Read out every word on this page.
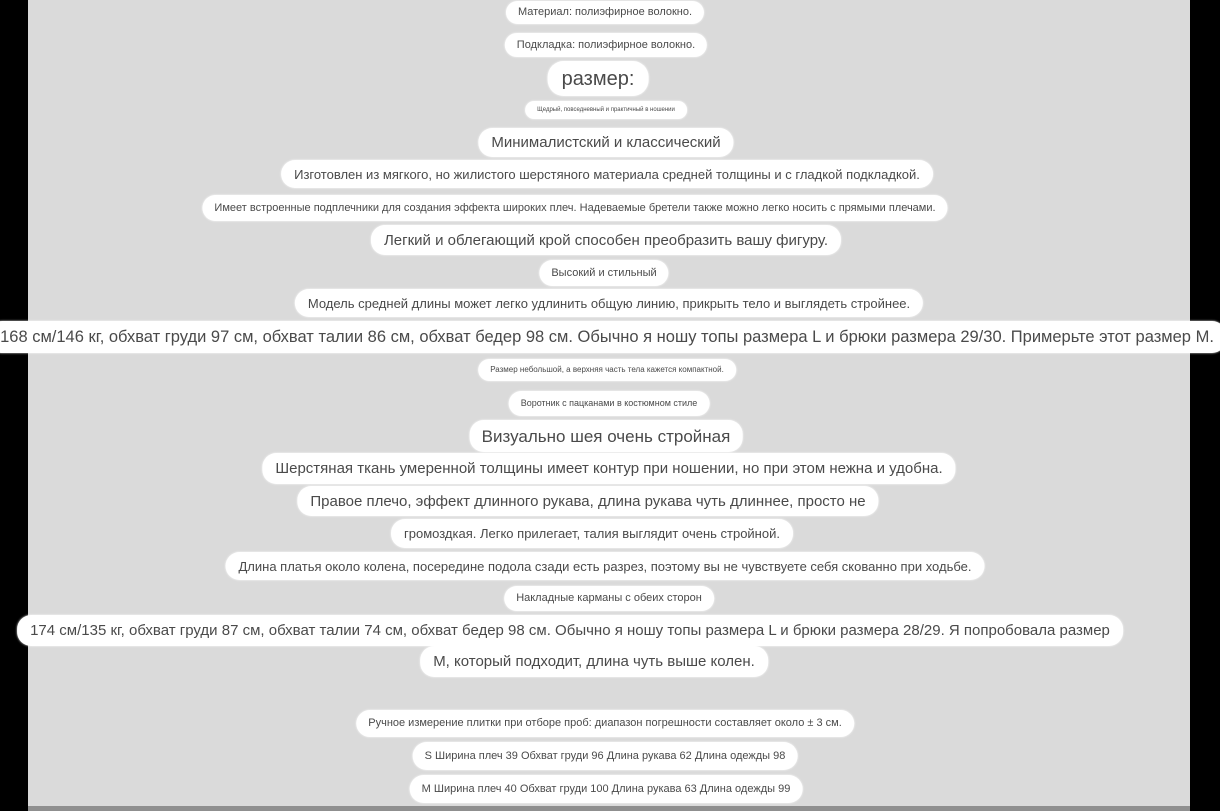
Материал: полиэфирное волокно.
Подкладка: полиэфирное волокно.
размер:
Щедрый, повседневный и практичный в ношении
Минималистский и классический
Изготовлен из мягкого, но жилистого шерстяного материала средней толщины и с гладкой подкладкой.
Имеет встроенные подплечники для создания эффекта широких плеч. Надеваемые бретели также можно легко носить с прямыми плечами.
Легкий и облегающий крой способен преобразить вашу фигуру.
Высокий и стильный
Модель средней длины может легко удлинить общую линию, прикрыть тело и выглядеть стройнее.
168 см/146 кг, обхват груди 97 см, обхват талии 86 см, обхват бедер 98 см. Обычно я ношу топы размера L и брюки размера 29/30. Примерьте этот размер M.
Размер небольшой, а верхняя часть тела кажется компактной.
Воротник с пацканами в костюмном стиле
Визуально шея очень стройная
Шерстяная ткань умеренной толщины имеет контур при ношении, но при этом нежна и удобна.
Правое плечо, эффект длинного рукава, длина рукава чуть длиннее, просто не
громоздкая. Легко прилегает, талия выглядит очень стройной.
Длина платья около колена, посередине подола сзади есть разрез, поэтому вы не чувствуете себя скованно при ходьбе.
Накладные карманы с обеих сторон
174 см/135 кг, обхват груди 87 см, обхват талии 74 см, обхват бедер 98 см. Обычно я ношу топы размера L и брюки размера 28/29. Я попробовала размер
M, который подходит, длина чуть выше колен.
Ручное измерение плитки при отборе проб: диапазон погрешности составляет около ± 3 см.
S Ширина плеч 39 Обхват груди 96 Длина рукава 62 Длина одежды 98
M Ширина плеч 40 Обхват груди 100 Длина рукава 63 Длина одежды 99
